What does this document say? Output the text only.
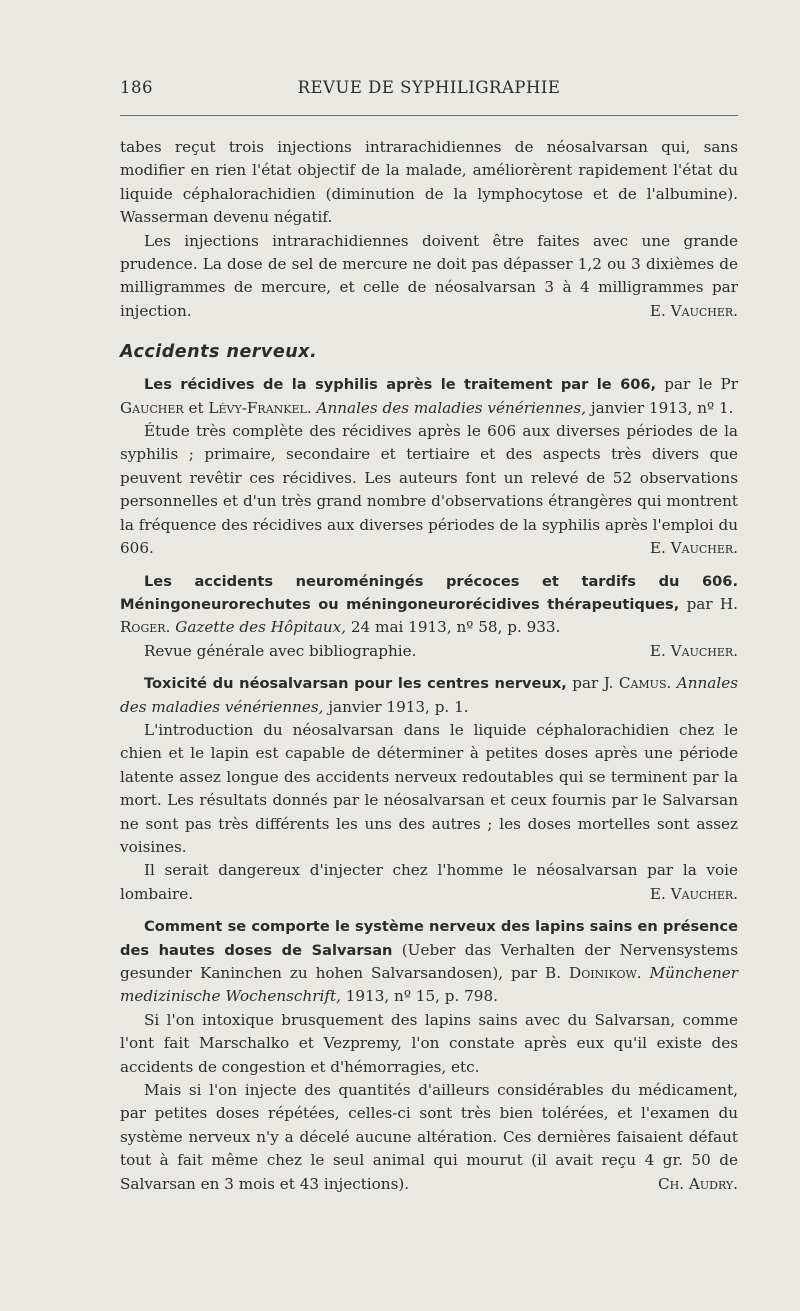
186	REVUE DE SYPHILIGRAPHIE

tabes reçut trois injections intrarachidiennes de néosalvarsan qui, sans modifier en rien l'état objectif de la malade, améliorèrent rapidement l'état du liquide céphalorachidien (diminution de la lymphocytose et de l'albumine). Wasserman devenu négatif.

Les injections intrarachidiennes doivent être faites avec une grande prudence. La dose de sel de mercure ne doit pas dépasser 1,2 ou 3 dixièmes de milligrammes de mercure, et celle de néosalvarsan 3 à 4 milligrammes par injection.	E. Vaucher.

Accidents nerveux.

Les récidives de la syphilis après le traitement par le 606, par le Pr Gaucher et Lévy-Frankel. Annales des maladies vénériennes, janvier 1913, nº 1.

Étude très complète des récidives après le 606 aux diverses périodes de la syphilis ; primaire, secondaire et tertiaire et des aspects très divers que peuvent revêtir ces récidives. Les auteurs font un relevé de 52 observations personnelles et d'un très grand nombre d'observations étrangères qui montrent la fréquence des récidives aux diverses périodes de la syphilis après l'emploi du 606.	E. Vaucher.

Les accidents neuroméningés précoces et tardifs du 606. Méningoneurorechutes ou méningoneurorécidives thérapeutiques, par H. Roger. Gazette des Hôpitaux, 24 mai 1913, nº 58, p. 933.

Revue générale avec bibliographie.	E. Vaucher.

Toxicité du néosalvarsan pour les centres nerveux, par J. Camus. Annales des maladies vénériennes, janvier 1913, p. 1.

L'introduction du néosalvarsan dans le liquide céphalorachidien chez le chien et le lapin est capable de déterminer à petites doses après une période latente assez longue des accidents nerveux redoutables qui se terminent par la mort. Les résultats donnés par le néosalvarsan et ceux fournis par le Salvarsan ne sont pas très différents les uns des autres ; les doses mortelles sont assez voisines.

Il serait dangereux d'injecter chez l'homme le néosalvarsan par la voie lombaire.	E. Vaucher.

Comment se comporte le système nerveux des lapins sains en présence des hautes doses de Salvarsan (Ueber das Verhalten der Nervensystems gesunder Kaninchen zu hohen Salvarsandosen), par B. Doinikow. Münchener medizinische Wochenschrift, 1913, nº 15, p. 798.

Si l'on intoxique brusquement des lapins sains avec du Salvarsan, comme l'ont fait Marschalko et Vezpremy, l'on constate après eux qu'il existe des accidents de congestion et d'hémorragies, etc.

Mais si l'on injecte des quantités d'ailleurs considérables du médicament, par petites doses répétées, celles-ci sont très bien tolérées, et l'examen du système nerveux n'y a décelé aucune altération. Ces dernières faisaient défaut tout à fait même chez le seul animal qui mourut (il avait reçu 4 gr. 50 de Salvarsan en 3 mois et 43 injections).	Ch. Audry.
